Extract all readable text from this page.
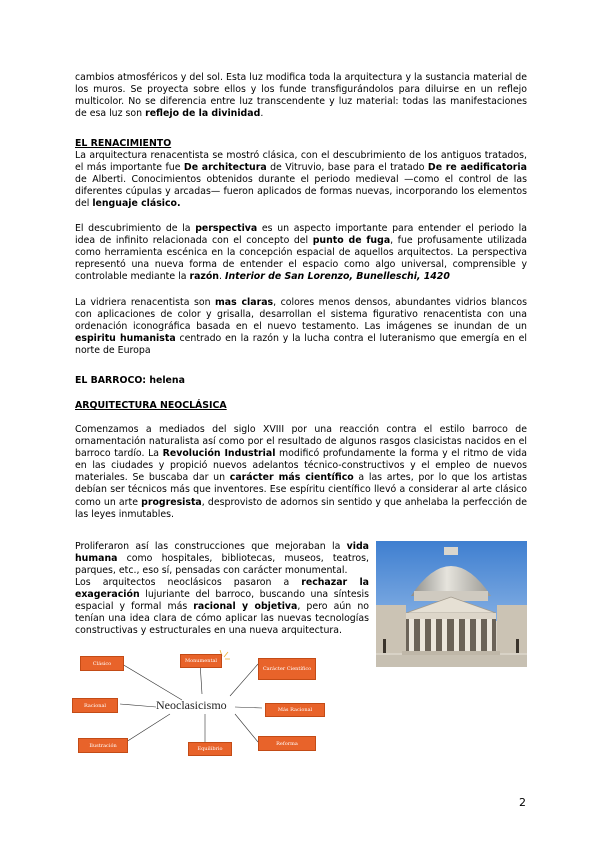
cambios atmosféricos y del sol. Esta luz modifica toda la arquitectura y la sustancia material de los muros. Se proyecta sobre ellos y los funde transfigurándolos para diluirse en un reflejo multicolor. No se diferencia entre luz transcendente y luz material: todas las manifestaciones de esa luz son reflejo de la divinidad.

EL RENACIMIENTO

La arquitectura renacentista se mostró clásica, con el descubrimiento de los antiguos tratados, el más importante fue De architectura de Vitruvio, base para el tratado De re aedificatoria de Alberti. Conocimientos obtenidos durante el periodo medieval —como el control de las diferentes cúpulas y arcadas— fueron aplicados de formas nuevas, incorporando los elementos del lenguaje clásico.

El descubrimiento de la perspectiva es un aspecto importante para entender el periodo la idea de infinito relacionada con el concepto del punto de fuga, fue profusamente utilizada como herramienta escénica en la concepción espacial de aquellos arquitectos. La perspectiva representó una nueva forma de entender el espacio como algo universal, comprensible y controlable mediante la razón. Interior de San Lorenzo, Bunelleschi, 1420

La vidriera renacentista son mas claras, colores menos densos, abundantes vidrios blancos con aplicaciones de color y grisalla, desarrollan el sistema figurativo renacentista con una ordenación iconográfica basada en el nuevo testamento. Las imágenes se inundan de un espiritu humanista centrado en la razón y la lucha contra el luteranismo que emergía en el norte de Europa

EL BARROCO: helena

ARQUITECTURA NEOCLÁSICA

Comenzamos a mediados del siglo XVIII por una reacción contra el estilo barroco de ornamentación naturalista así como por el resultado de algunos rasgos clasicistas nacidos en el barroco tardío. La Revolución Industrial modificó profundamente la forma y el ritmo de vida en las ciudades y propició nuevos adelantos técnico-constructivos y el empleo de nuevos materiales. Se buscaba dar un carácter más científico a las artes, por lo que los artistas debían ser técnicos más que inventores. Ese espíritu científico llevó a considerar al arte clásico como un arte progresista, desprovisto de adornos sin sentido y que anhelaba la perfección de las leyes inmutables.

Proliferaron así las construcciones que mejoraban la vida humana como hospitales, bibliotecas, museos, teatros, parques, etc., eso sí, pensadas con carácter monumental.

Los arquitectos neoclásicos pasaron a rechazar la exageración lujuriante del barroco, buscando una síntesis espacial y formal más racional y objetiva, pero aún no tenían una idea clara de cómo aplicar las nuevas tecnologías constructivas y estructurales en una nueva arquitectura.

Clásico	Monumental
Carácter Científico
Racional	Neoclasicismo	Más Racional
Equilibrio
Reforma
Ilustración
2
